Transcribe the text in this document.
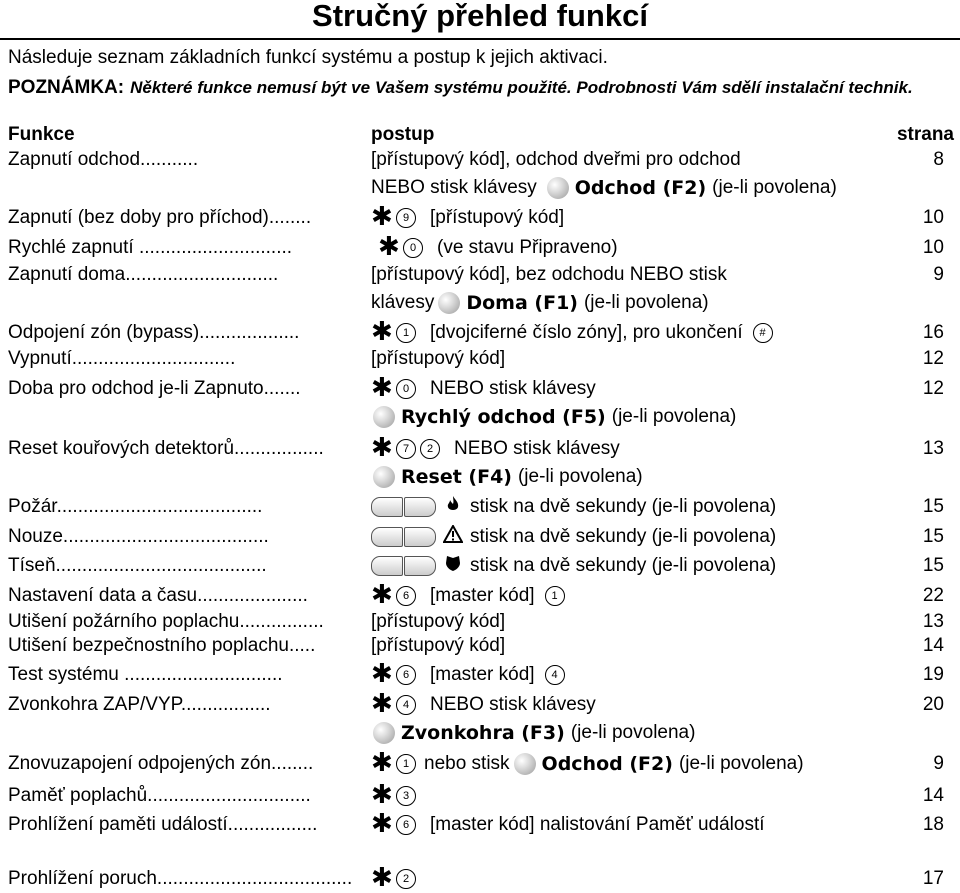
Stručný přehled funkcí
Následuje seznam základních funkcí systému a postup k jejich aktivaci.
POZNÁMKA: Některé funkce nemusí být ve Vašem systému použité. Podrobnosti Vám sdělí instalační technik.
Funkce	postup	strana
Zapnutí odchod...........	[přístupový kód], odchod dveřmi pro odchod	8
NEBO stisk klávesy Odchod (F2) (je-li povolena)
Zapnutí (bez doby pro příchod)........ ✱ 9	[přístupový kód]	10
Rychlé zapnutí .............................	✱ 0	(ve stavu Připraveno)	10
Zapnutí doma.............................	[přístupový kód], bez odchodu NEBO stisk	9
klávesy Doma (F1) (je-li povolena)
Odpojení zón (bypass)...................	✱ 1	[dvojciferné číslo zóny], pro ukončení	#	16
Vypnutí...............................	[přístupový kód]	12
Doba pro odchod je-li Zapnuto.......	✱ 0	NEBO stisk klávesy	12
Rychlý odchod (F5) (je-li povolena)
Reset kouřových detektorů................. ✱ 7	2	NEBO stisk klávesy	13
Reset (F4) (je-li povolena)
Požár.......................................	stisk na dvě sekundy (je-li povolena)	15
Nouze.......................................	stisk na dvě sekundy (je-li povolena)	15
Tíseň........................................	stisk na dvě sekundy (je-li povolena)	15
Nastavení data a času..................... ✱ 6	[master kód]	1	22
Utišení požárního poplachu................ [přístupový kód]	13
Utišení bezpečnostního poplachu.....	[přístupový kód]	14
Test systému ..............................	✱ 6	[master kód]	4	19
Zvonkohra ZAP/VYP.................	✱ 4	NEBO stisk klávesy	20
Zvonkohra (F3) (je-li povolena)
Znovuzapojení odpojených zón........ ✱ 1 nebo stisk Odchod (F2) (je-li povolena)	9
Paměť poplachů............................... ✱ 3	14
Prohlížení paměti událostí................. ✱ 6	[master kód] nalistování Paměť událostí	18
Prohlížení poruch..................................... ✱ 2	17
